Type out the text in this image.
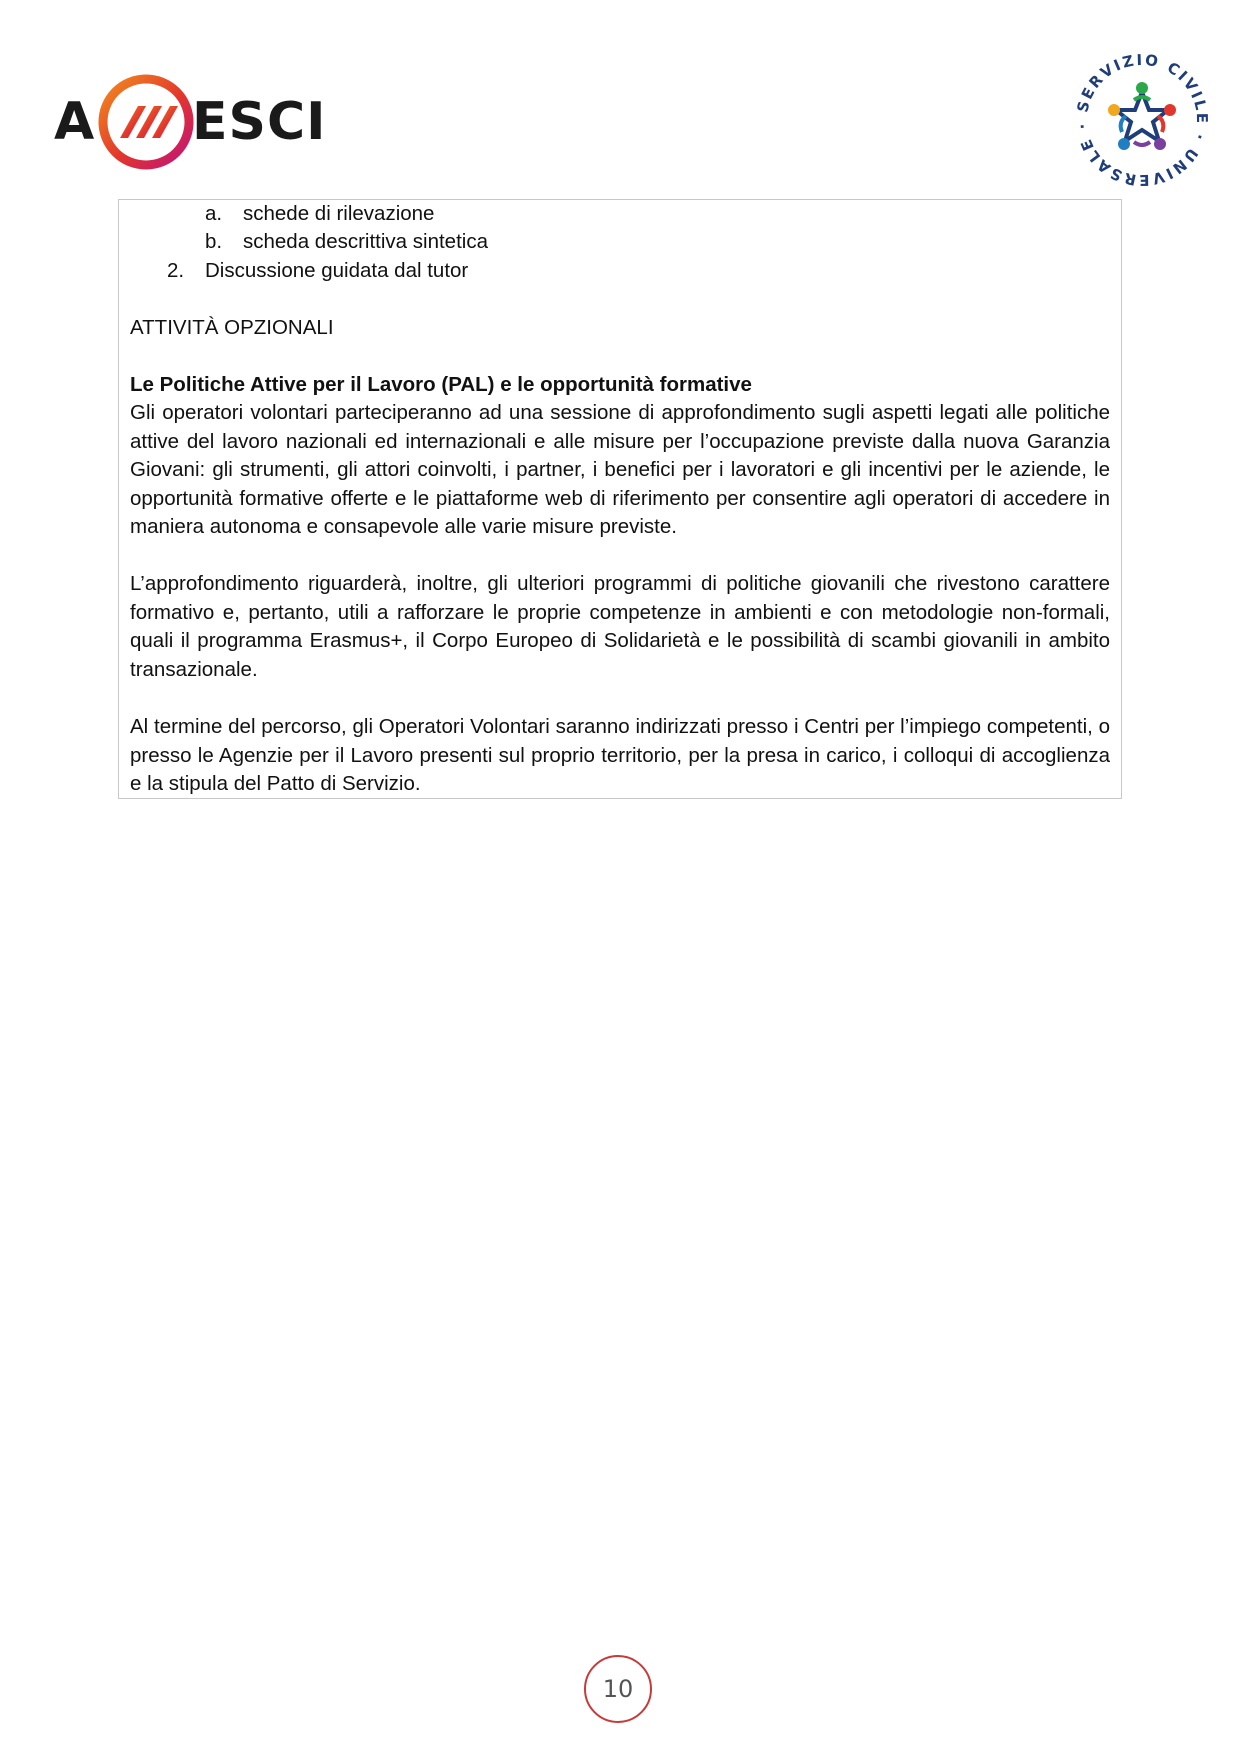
A ESCI	SERVIZIO CIVILE · UNIVERSALE ·
a. schede di rilevazione
b. scheda descrittiva sintetica
2. Discussione guidata dal tutor
ATTIVITÀ OPZIONALI
Le Politiche Attive per il Lavoro (PAL) e le opportunità formative
Gli operatori volontari parteciperanno ad una sessione di approfondimento sugli aspetti legati alle politiche attive del lavoro nazionali ed internazionali e alle misure per l’occupazione previste dalla nuova Garanzia Giovani: gli strumenti, gli attori coinvolti, i partner, i benefici per i lavoratori e gli incentivi per le aziende, le opportunità formative offerte e le piattaforme web di riferimento per consentire agli operatori di accedere in maniera autonoma e consapevole alle varie misure previste.
L’approfondimento riguarderà, inoltre, gli ulteriori programmi di politiche giovanili che rivestono carattere formativo e, pertanto, utili a rafforzare le proprie competenze in ambienti e con metodologie non-formali, quali il programma Erasmus+, il Corpo Europeo di Solidarietà e le possibilità di scambi giovanili in ambito transazionale.
Al termine del percorso, gli Operatori Volontari saranno indirizzati presso i Centri per l’impiego competenti, o presso le Agenzie per il Lavoro presenti sul proprio territorio, per la presa in carico, i colloqui di accoglienza e la stipula del Patto di Servizio.
10
